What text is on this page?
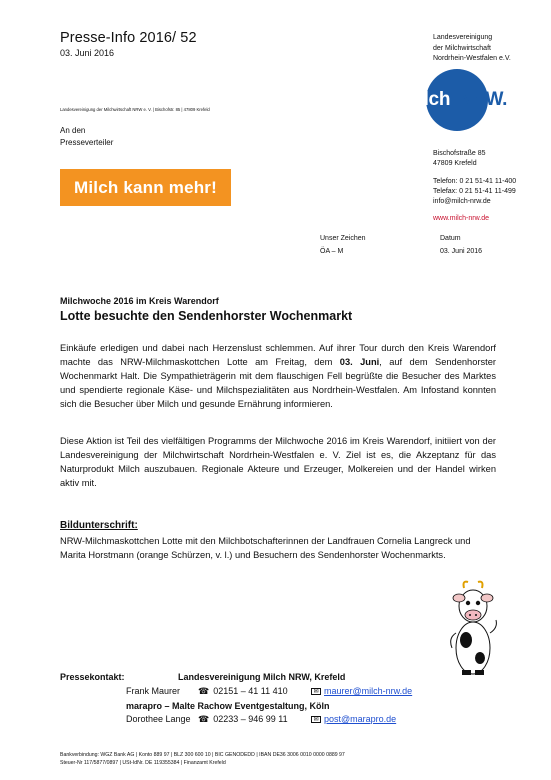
Presse-Info 2016/ 52
03. Juni 2016
Landesvereinigung
der Milchwirtschaft
Nordrhein-Westfalen e.V.
milch NRW.
Landesvereinigung der Milchwirtschaft NRW e. V. | Bischofstr. 85 | 47809 Krefeld
An den
Presseverteiler
Bischofstraße 85
47809 Krefeld
Milch kann mehr!	Telefon: 0 21 51-41 11-400
Telefax: 0 21 51-41 11-499
info@milch-nrw.de
www.milch-nrw.de
Unser Zeichen
ÖA – M
Datum
03. Juni 2016
Milchwoche 2016 im Kreis Warendorf
Lotte besuchte den Sendenhorster Wochenmarkt
Einkäufe erledigen und dabei nach Herzenslust schlemmen. Auf ihrer Tour durch den Kreis Warendorf machte das NRW-Milchmaskottchen Lotte am Freitag, dem 03. Juni, auf dem Sendenhorster Wochenmarkt Halt. Die Sympathieträgerin mit dem flauschigen Fell begrüßte die Besucher des Marktes und spendierte regionale Käse- und Milchspezialitäten aus Nordrhein-Westfalen. Am Infostand konnten sich die Besucher über Milch und gesunde Ernährung informieren.
Diese Aktion ist Teil des vielfältigen Programms der Milchwoche 2016 im Kreis Warendorf, initiiert von der Landesvereinigung der Milchwirtschaft Nordrhein-Westfalen e. V. Ziel ist es, die Akzeptanz für das Naturprodukt Milch auszubauen. Regionale Akteure und Erzeuger, Molkereien und der Handel wirken aktiv mit.
Bildunterschrift:
NRW-Milchmaskottchen Lotte mit den Milchbotschafterinnen der Landfrauen Cornelia Langreck und Marita Horstmann (orange Schürzen, v. l.) und Besuchern des Sendenhorster Wochenmarkts.
Pressekontakt:	Landesvereinigung Milch NRW, Krefeld
Frank Maurer ☎ 02151 – 41 11 410	✉ maurer@milch-nrw.de
marapro – Malte Rachow Eventgestaltung, Köln
Dorothee Lange ☎ 02233 – 946 99 11	✉ post@marapro.de
Bankverbindung: WGZ Bank AG | Konto 889 97 | BLZ 300 600 10 | BIC GENODEDD | IBAN DE36 3006 0010 0000 0889 97
Steuer-Nr 117/5877/0897 | USt-IdNr. DE 119355384 | Finanzamt Krefeld
